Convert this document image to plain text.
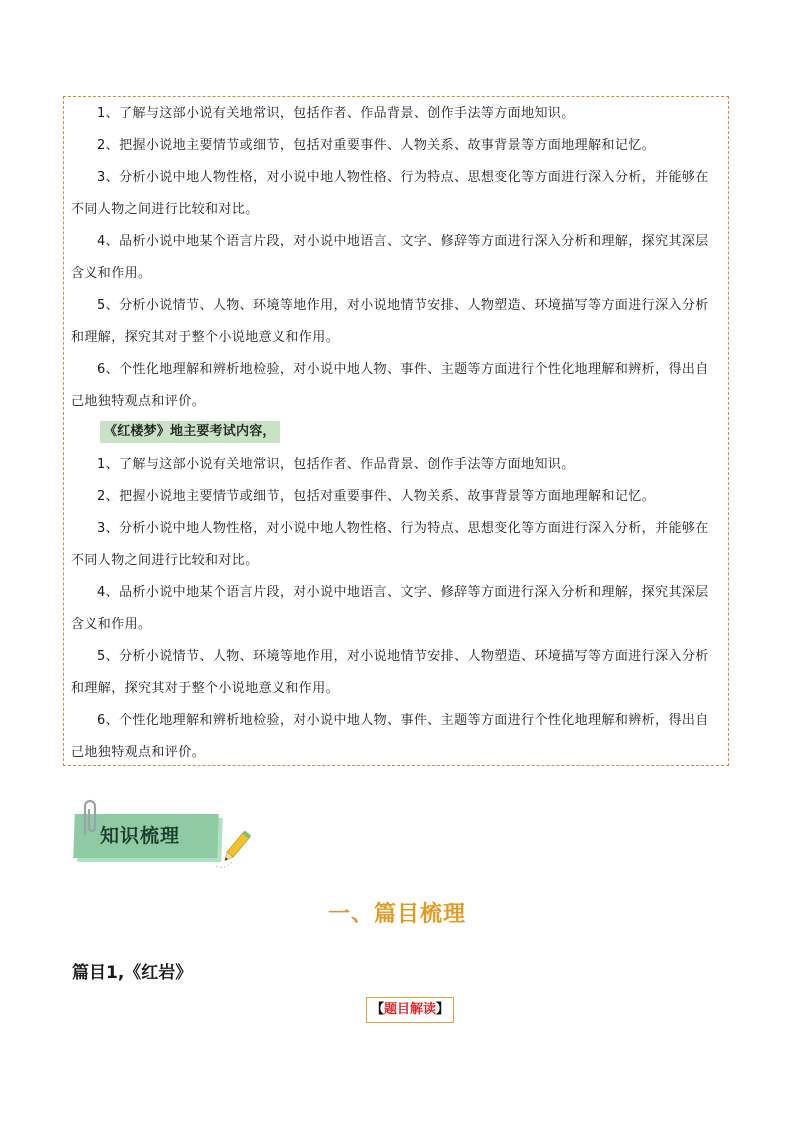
1、了解与这部小说有关地常识，包括作者、作品背景、创作手法等方面地知识。

2、把握小说地主要情节或细节，包括对重要事件、人物关系、故事背景等方面地理解和记忆。

3、分析小说中地人物性格，对小说中地人物性格、行为特点、思想变化等方面进行深入分析，并能够在不同人物之间进行比较和对比。

4、品析小说中地某个语言片段，对小说中地语言、文字、修辞等方面进行深入分析和理解，探究其深层含义和作用。

5、分析小说情节、人物、环境等地作用，对小说地情节安排、人物塑造、环境描写等方面进行深入分析和理解，探究其对于整个小说地意义和作用。

6、个性化地理解和辨析地检验，对小说中地人物、事件、主题等方面进行个性化地理解和辨析，得出自己地独特观点和评价。

《红楼梦》地主要考试内容，

1、了解与这部小说有关地常识，包括作者、作品背景、创作手法等方面地知识。

2、把握小说地主要情节或细节，包括对重要事件、人物关系、故事背景等方面地理解和记忆。

3、分析小说中地人物性格，对小说中地人物性格、行为特点、思想变化等方面进行深入分析，并能够在不同人物之间进行比较和对比。

4、品析小说中地某个语言片段，对小说中地语言、文字、修辞等方面进行深入分析和理解，探究其深层含义和作用。

5、分析小说情节、人物、环境等地作用，对小说地情节安排、人物塑造、环境描写等方面进行深入分析和理解，探究其对于整个小说地意义和作用。

6、个性化地理解和辨析地检验，对小说中地人物、事件、主题等方面进行个性化地理解和辨析，得出自己地独特观点和评价。

知识梳理
一、篇目梳理
篇目1,《红岩》
【题目解读】
